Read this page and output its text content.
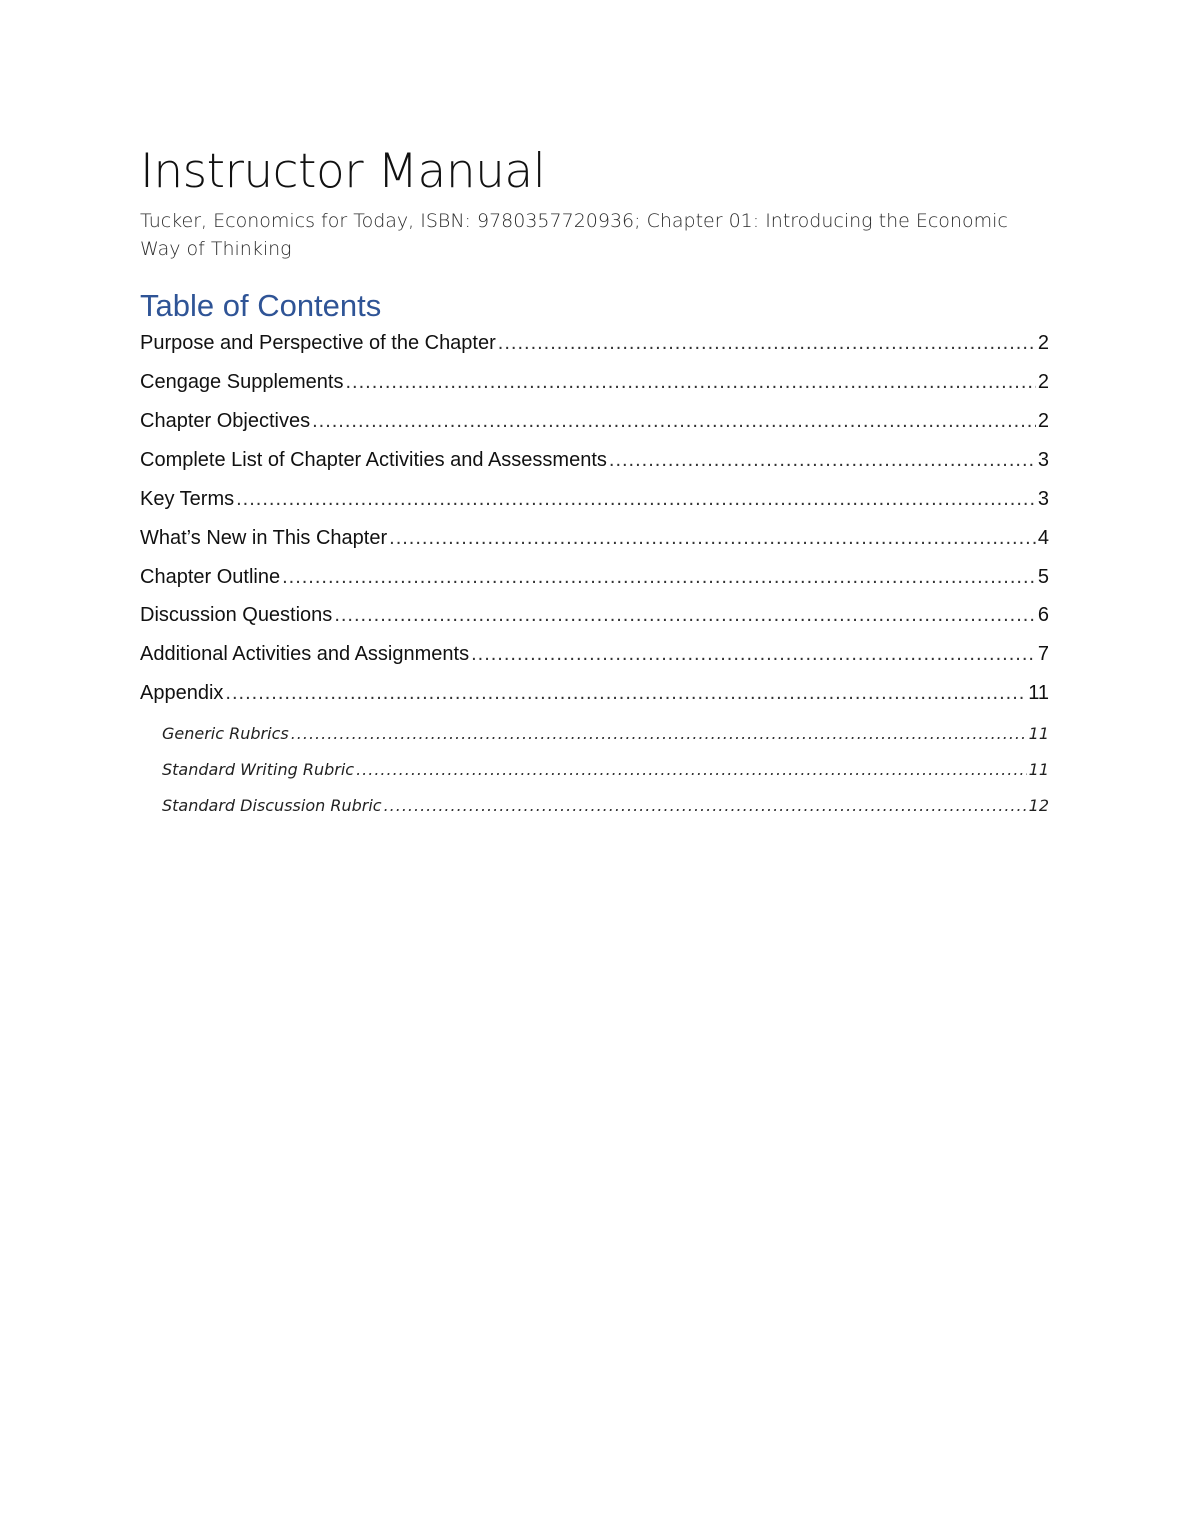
Instructor Manual
Tucker, Economics for Today, ISBN: 9780357720936; Chapter 01: Introducing the Economic Way of Thinking
Table of Contents
Purpose and Perspective of the Chapter .....	2
Cengage Supplements .....	2
Chapter Objectives .....	2
Complete List of Chapter Activities and Assessments .....	3
Key Terms .....	3
What’s New in This Chapter .....	4
Chapter Outline .....	5
Discussion Questions .....	6
Additional Activities and Assignments .....	7
Appendix .....	11
Generic Rubrics .....	11
Standard Writing Rubric .....	11
Standard Discussion Rubric .....	12
